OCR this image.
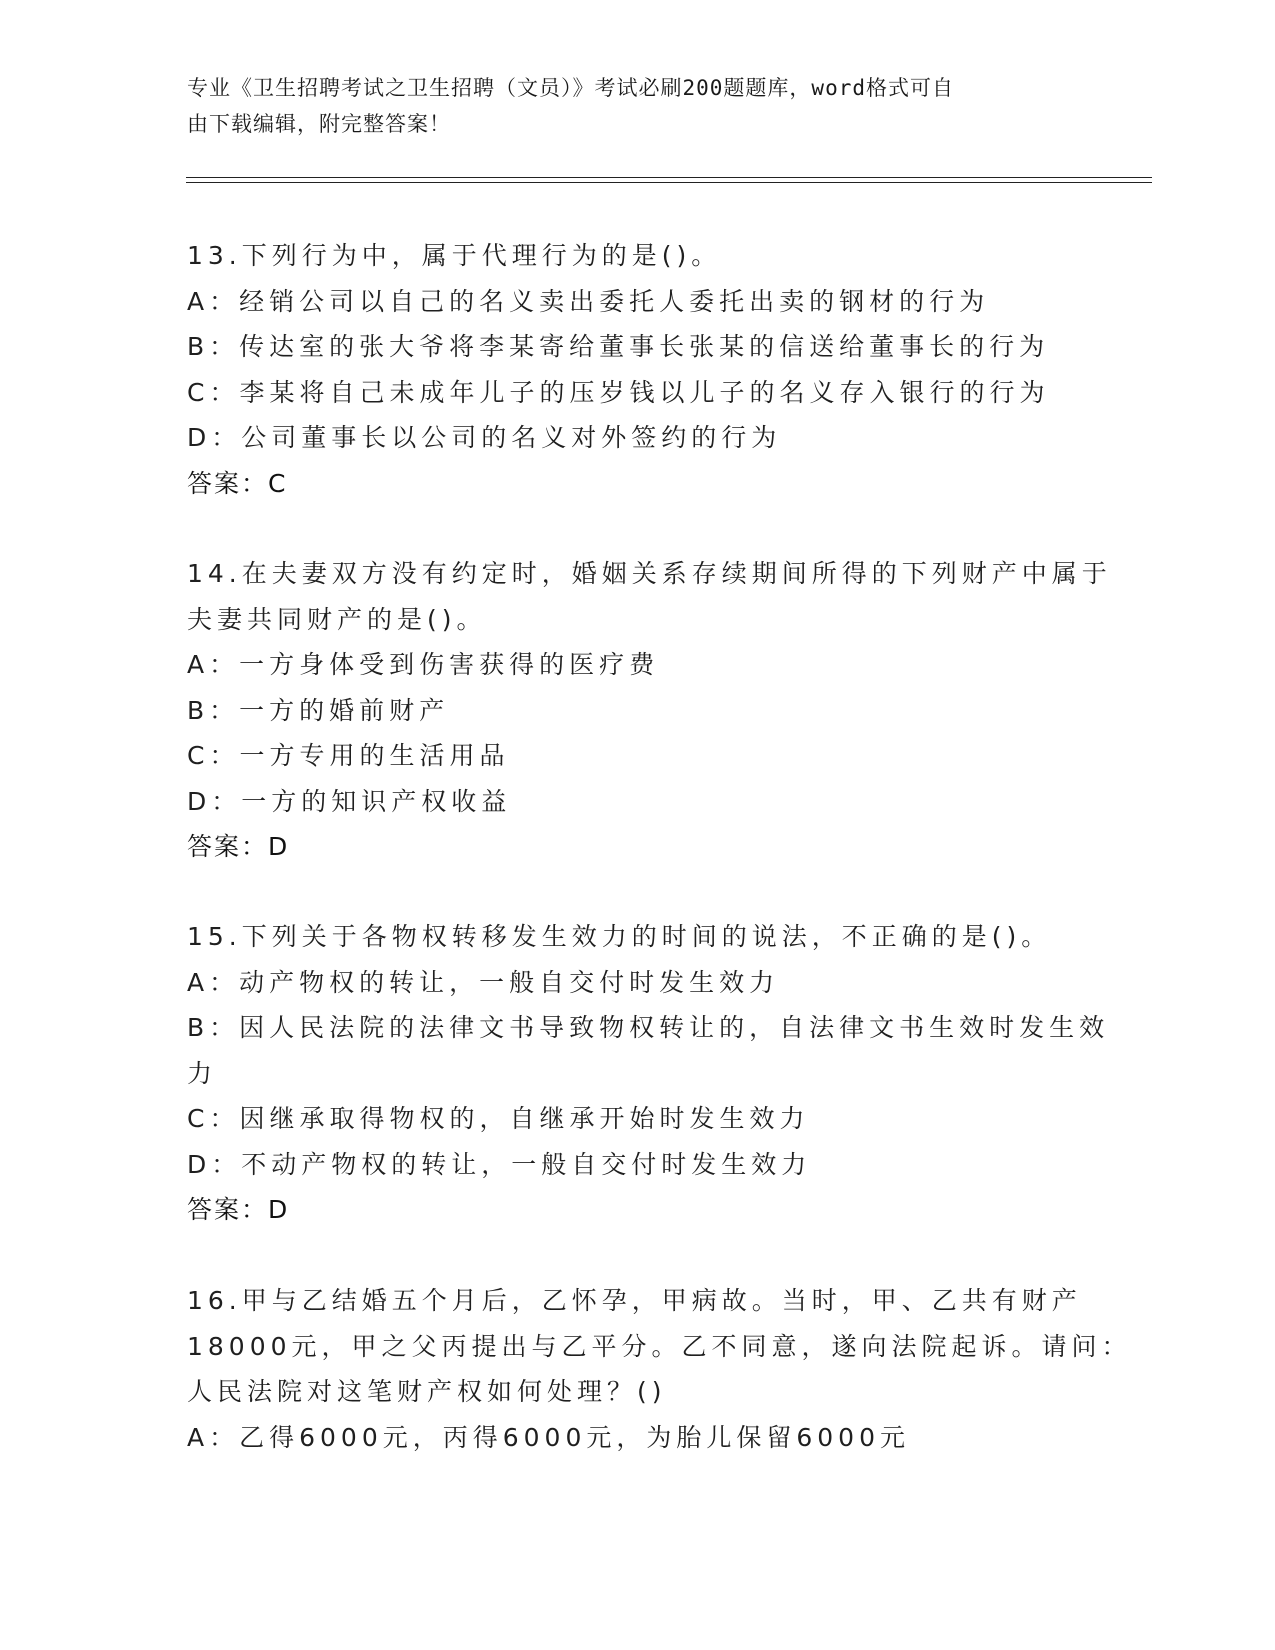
专业《卫生招聘考试之卫生招聘（文员）》考试必刷200题题库，word格式可自
由下载编辑，附完整答案！
13.下列行为中，属于代理行为的是()。
A：经销公司以自己的名义卖出委托人委托出卖的钢材的行为
B：传达室的张大爷将李某寄给董事长张某的信送给董事长的行为
C：李某将自己未成年儿子的压岁钱以儿子的名义存入银行的行为
D：公司董事长以公司的名义对外签约的行为
答案：C
14.在夫妻双方没有约定时，婚姻关系存续期间所得的下列财产中属于
夫妻共同财产的是()。
A：一方身体受到伤害获得的医疗费
B：一方的婚前财产
C：一方专用的生活用品
D：一方的知识产权收益
答案：D
15.下列关于各物权转移发生效力的时间的说法，不正确的是()。
A：动产物权的转让，一般自交付时发生效力
B：因人民法院的法律文书导致物权转让的，自法律文书生效时发生效
力
C：因继承取得物权的，自继承开始时发生效力
D：不动产物权的转让，一般自交付时发生效力
答案：D
16.甲与乙结婚五个月后，乙怀孕，甲病故。当时，甲、乙共有财产
18000元，甲之父丙提出与乙平分。乙不同意，遂向法院起诉。请问：
人民法院对这笔财产权如何处理？()
A：乙得6000元，丙得6000元，为胎儿保留6000元
